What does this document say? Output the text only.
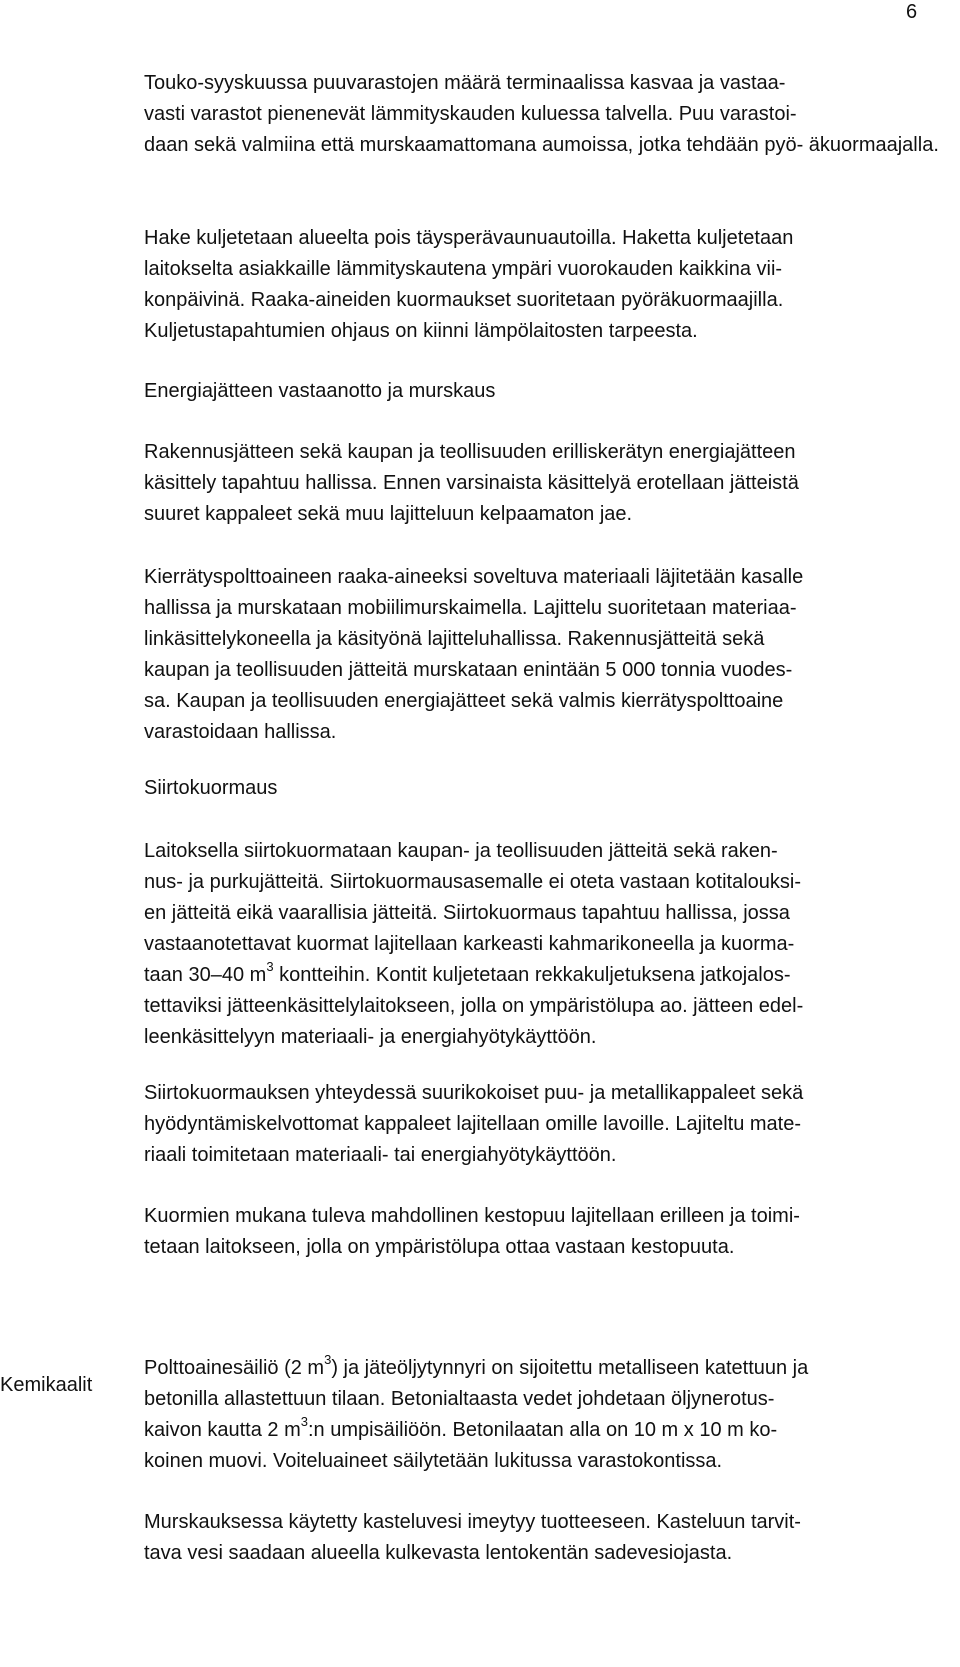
6

Touko-syyskuussa puuvarastojen määrä terminaalissa kasvaa ja vastaa-
vasti varastot pienenevät lämmityskauden kuluessa talvella. Puu varastoi-
daan sekä valmiina että murskaamattomana aumoissa, jotka tehdään pyö- äkuormaajalla.

Hake kuljetetaan alueelta pois täysperävaunuautoilla. Haketta kuljetetaan
laitokselta asiakkaille lämmityskautena ympäri vuorokauden kaikkina vii-
konpäivinä. Raaka-aineiden kuormaukset suoritetaan pyöräkuormaajilla.
Kuljetustapahtumien ohjaus on kiinni lämpölaitosten tarpeesta.

Energiajätteen vastaanotto ja murskaus

Rakennusjätteen sekä kaupan ja teollisuuden erilliskerätyn energiajätteen
käsittely tapahtuu hallissa. Ennen varsinaista käsittelyä erotellaan jätteistä
suuret kappaleet sekä muu lajitteluun kelpaamaton jae.

Kierrätyspolttoaineen raaka-aineeksi soveltuva materiaali läjitetään kasalle
hallissa ja murskataan mobiilimurskaimella. Lajittelu suoritetaan materiaa-
linkäsittelykoneella ja käsityönä lajitteluhallissa. Rakennusjätteitä sekä
kaupan ja teollisuuden jätteitä murskataan enintään 5 000 tonnia vuodes-
sa. Kaupan ja teollisuuden energiajätteet sekä valmis kierrätyspolttoaine
varastoidaan hallissa.

Siirtokuormaus

Laitoksella siirtokuormataan kaupan- ja teollisuuden jätteitä sekä raken-
nus- ja purkujätteitä. Siirtokuormausasemalle ei oteta vastaan kotitalouksi-
en jätteitä eikä vaarallisia jätteitä. Siirtokuormaus tapahtuu hallissa, jossa
vastaanotettavat kuormat lajitellaan karkeasti kahmarikoneella ja kuorma-
taan 30–40 $m^3$ kontteihin. Kontit kuljetetaan rekkakuljetuksena jatkojalos-
tettaviksi jätteenkäsittelylaitokseen, jolla on ympäristölupa ao. jätteen edel-
leenkäsittelyyn materiaali- ja energiahyötykäyttöön.

Siirtokuormauksen yhteydessä suurikokoiset puu- ja metallikappaleet sekä
hyödyntämiskelvottomat kappaleet lajitellaan omille lavoille. Lajiteltu mate-
riaali toimitetaan materiaali- tai energiahyötykäyttöön.

Kuormien mukana tuleva mahdollinen kestopuu lajitellaan erilleen ja toimi-
tetaan laitokseen, jolla on ympäristölupa ottaa vastaan kestopuuta.

Kemikaalit

Polttoainesäiliö (2 $m^3$) ja jäteöljytynnyri on sijoitettu metalliseen katettuun ja
betonilla allastettuun tilaan. Betonialtaasta vedet johdetaan öljynerotus-
kaivon kautta 2 $m^3:n$ umpisäiliöön. Betonilaatan alla on 10 m x 10 m ko-
koinen muovi. Voiteluaineet säilytetään lukitussa varastokontissa.

Murskauksessa käytetty kasteluvesi imeytyy tuotteeseen. Kasteluun tarvit-
tava vesi saadaan alueella kulkevasta lentokentän sadevesiojasta.
